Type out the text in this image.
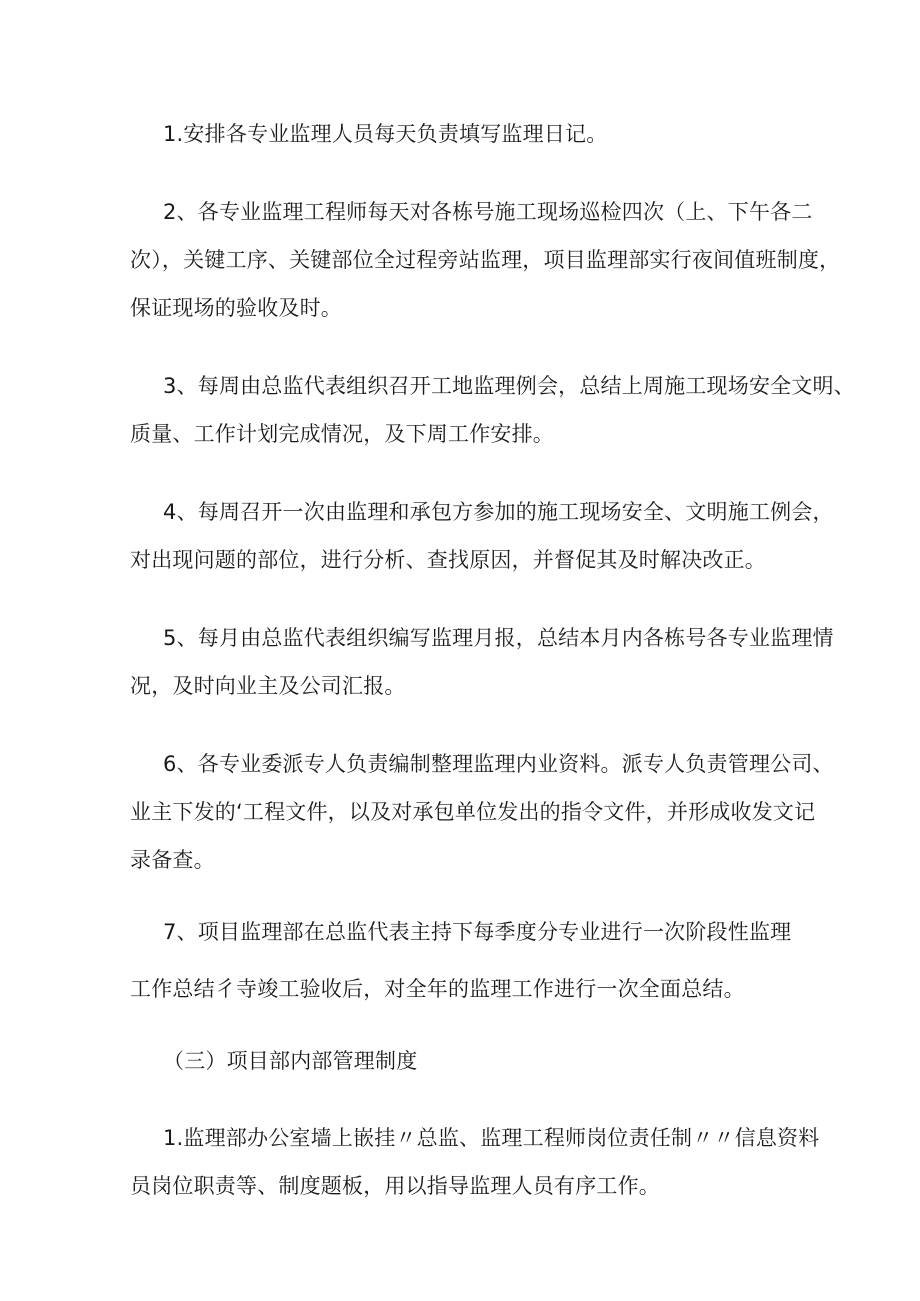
1.安排各专业监理人员每天负责填写监理日记。
2、各专业监理工程师每天对各栋号施工现场巡检四次（上、下午各二
次），关键工序、关键部位全过程旁站监理，项目监理部实行夜间值班制度，
保证现场的验收及时。
3、每周由总监代表组织召开工地监理例会，总结上周施工现场安全文明、
质量、工作计划完成情况，及下周工作安排。
4、每周召开一次由监理和承包方参加的施工现场安全、文明施工例会，
对出现问题的部位，进行分析、查找原因，并督促其及时解决改正。
5、每月由总监代表组织编写监理月报，总结本月内各栋号各专业监理情
况，及时向业主及公司汇报。
6、各专业委派专人负责编制整理监理内业资料。派专人负责管理公司、
业主下发的‘工程文件，以及对承包单位发出的指令文件，并形成收发文记
录备查。
7、项目监理部在总监代表主持下每季度分专业进行一次阶段性监理
工作总结彳寺竣工验收后，对全年的监理工作进行一次全面总结。
（三）项目部内部管理制度
1.监理部办公室墙上嵌挂〃总监、监理工程师岗位责任制〃〃信息资料
员岗位职责等、制度题板，用以指导监理人员有序工作。
